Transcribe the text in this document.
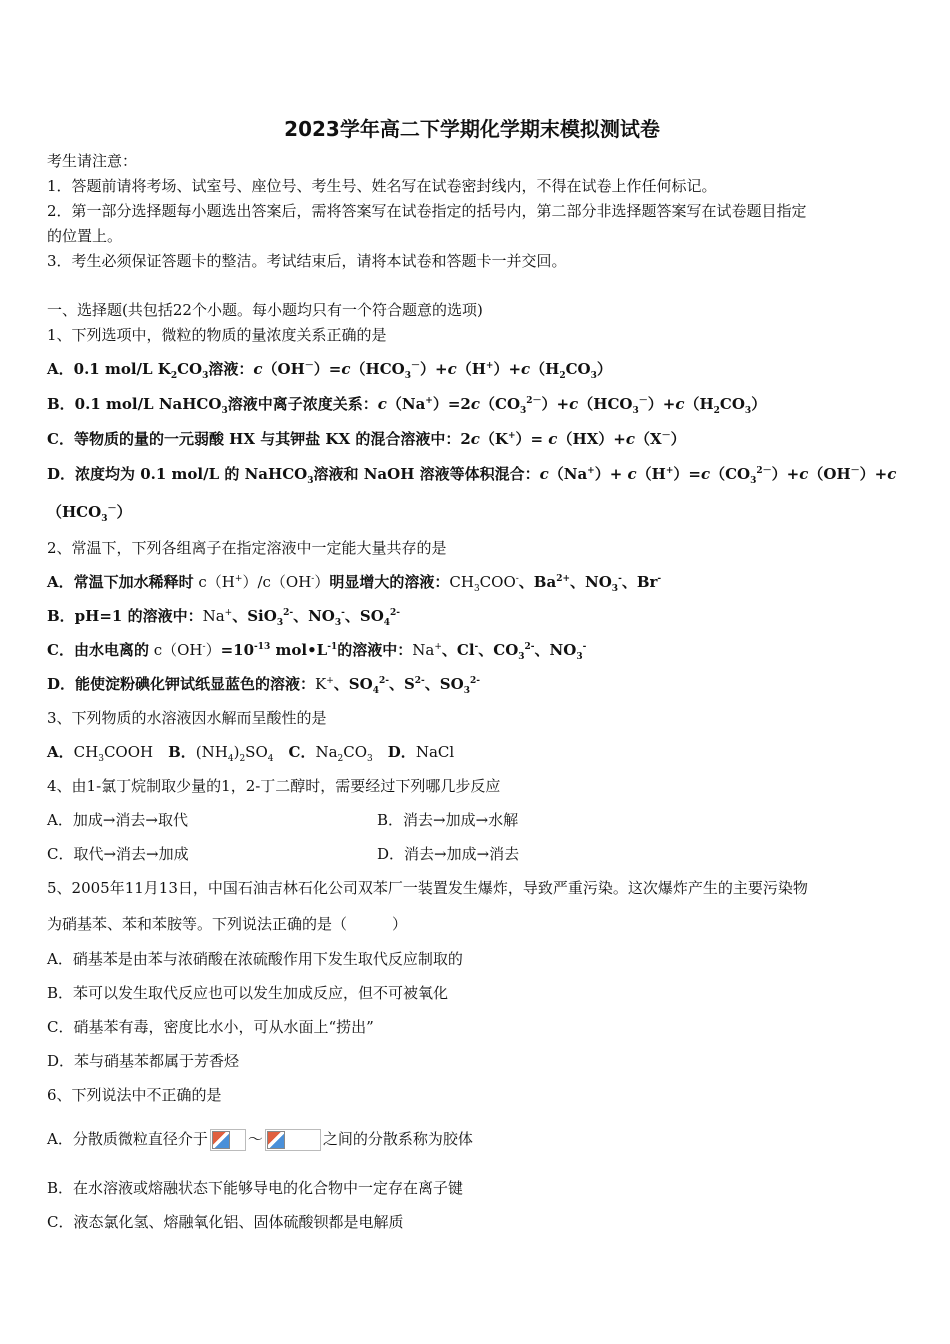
2023学年高二下学期化学期末模拟测试卷
考生请注意：
1．答题前请将考场、试室号、座位号、考生号、姓名写在试卷密封线内，不得在试卷上作任何标记。
2．第一部分选择题每小题选出答案后，需将答案写在试卷指定的括号内，第二部分非选择题答案写在试卷题目指定
的位置上。
3．考生必须保证答题卡的整洁。考试结束后，请将本试卷和答题卡一并交回。
一、选择题(共包括22个小题。每小题均只有一个符合题意的选项)
1、下列选项中，微粒的物质的量浓度关系正确的是
A．0.1 mol/L $K_2CO_3$溶液：$c(OH^-)=c(HCO_3^-)+c(H^+)+c(H_2CO_3)$
B．0.1 mol/L NaHCO$_3$溶液中离子浓度关系：$c(Na^+)=2c(CO_3^{2-})+c(HCO_3^-)+c(H_2CO_3)$
C．等物质的量的一元弱酸 HX 与其钾盐 KX 的混合溶液中：2c（K+）= c（HX）+c（X－）
D．浓度均为 0.1 mol/L 的 NaHCO$_3$溶液和 NaOH 溶液等体积混合：$c(Na^+)+ c(H^+)=c(CO_3^{2-})+c(OH^-)+c$
$(HCO_3^-)$
2、常温下，下列各组离子在指定溶液中一定能大量共存的是
A．常温下加水稀释时 c（H+）/c（OH-）明显增大的溶液：$CH_3COO^-$、$Ba^{2+}$、$NO_3^-$、Br-
B．pH=1 的溶液中：Na+、SiO$_3^{2-}$、$NO_3^-$、$SO_4^{2-}$
C．由水电离的 $c(OH^-)=10^{-13}$ $mol•L^{-1}$的溶液中：Na+、Cl-、$CO_3^{2-}$、$NO_3^-$
D．能使淀粉碘化钾试纸显蓝色的溶液：K+、$SO_4^{2-}$、$S^{2-}$、$SO_3^{2-}$
3、下列物质的水溶液因水解而呈酸性的是
A．$CH_3COOH$　B．$(NH_4)_2SO_4$　 C．$Na_2CO_3$　 D．NaCl
4、由1-氯丁烷制取少量的1，2-丁二醇时，需要经过下列哪几步反应
A．加成→消去→取代	B．消去→加成→水解
C．取代→消去→加成	D．消去→加成→消去
5、2005年11月13日，中国石油吉林石化公司双苯厂一装置发生爆炸，导致严重污染。这次爆炸产生的主要污染物
为硝基苯、苯和苯胺等。下列说法正确的是（　　　）
A．硝基苯是由苯与浓硝酸在浓硫酸作用下发生取代反应制取的
B．苯可以发生取代反应也可以发生加成反应，但不可被氧化
C．硝基苯有毒，密度比水小，可从水面上“捞出”
D．苯与硝基苯都属于芳香烃
6、下列说法中不正确的是
A．分散质微粒直径介于	～	之间的分散系称为胶体
B．在水溶液或熔融状态下能够导电的化合物中一定存在离子键
C．液态氯化氢、熔融氧化铝、固体硫酸钡都是电解质
